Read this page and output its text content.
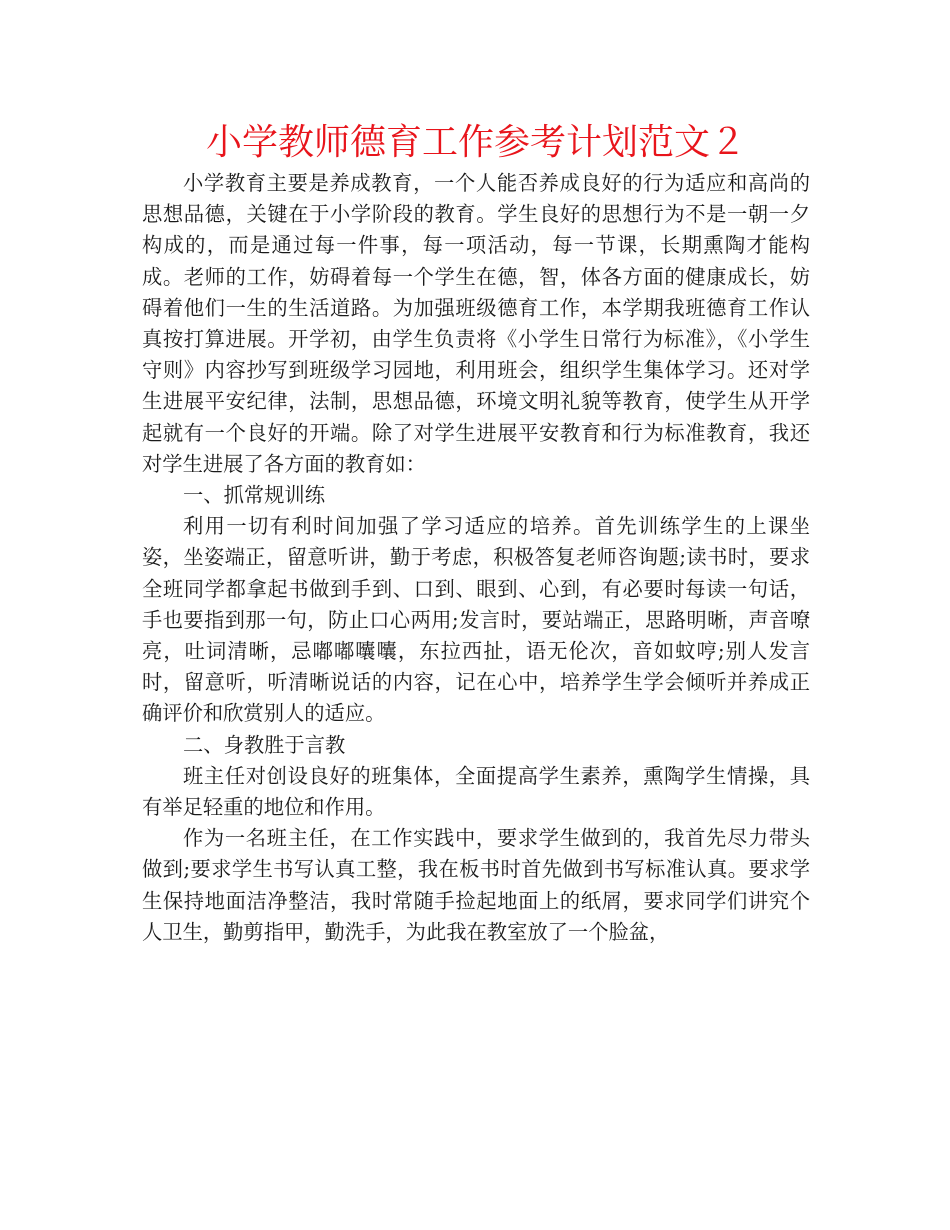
小学教师德育工作参考计划范文２

小学教育主要是养成教育，一个人能否养成良好的行为适应和高尚的思想品德，关键在于小学阶段的教育。学生良好的思想行为不是一朝一夕构成的，而是通过每一件事，每一项活动，每一节课，长期熏陶才能构成。老师的工作，妨碍着每一个学生在德，智，体各方面的健康成长，妨碍着他们一生的生活道路。为加强班级德育工作，本学期我班德育工作认真按打算进展。开学初，由学生负责将《小学生日常行为标准》，《小学生守则》内容抄写到班级学习园地，利用班会，组织学生集体学习。还对学生进展平安纪律，法制，思想品德，环境文明礼貌等教育，使学生从开学起就有一个良好的开端。除了对学生进展平安教育和行为标准教育，我还对学生进展了各方面的教育如：

一、抓常规训练

利用一切有利时间加强了学习适应的培养。首先训练学生的上课坐姿，坐姿端正，留意听讲，勤于考虑，积极答复老师咨询题;读书时，要求全班同学都拿起书做到手到、口到、眼到、心到，有必要时每读一句话，手也要指到那一句，防止口心两用;发言时，要站端正，思路明晰，声音嘹亮，吐词清晰，忌嘟嘟囔囔，东拉西扯，语无伦次，音如蚊哼;别人发言时，留意听，听清晰说话的内容，记在心中，培养学生学会倾听并养成正确评价和欣赏别人的适应。

二、身教胜于言教

班主任对创设良好的班集体，全面提高学生素养，熏陶学生情操，具有举足轻重的地位和作用。

作为一名班主任，在工作实践中，要求学生做到的，我首先尽力带头做到;要求学生书写认真工整，我在板书时首先做到书写标准认真。要求学生保持地面洁净整洁，我时常随手捡起地面上的纸屑，要求同学们讲究个人卫生，勤剪指甲，勤洗手，为此我在教室放了一个脸盆，
